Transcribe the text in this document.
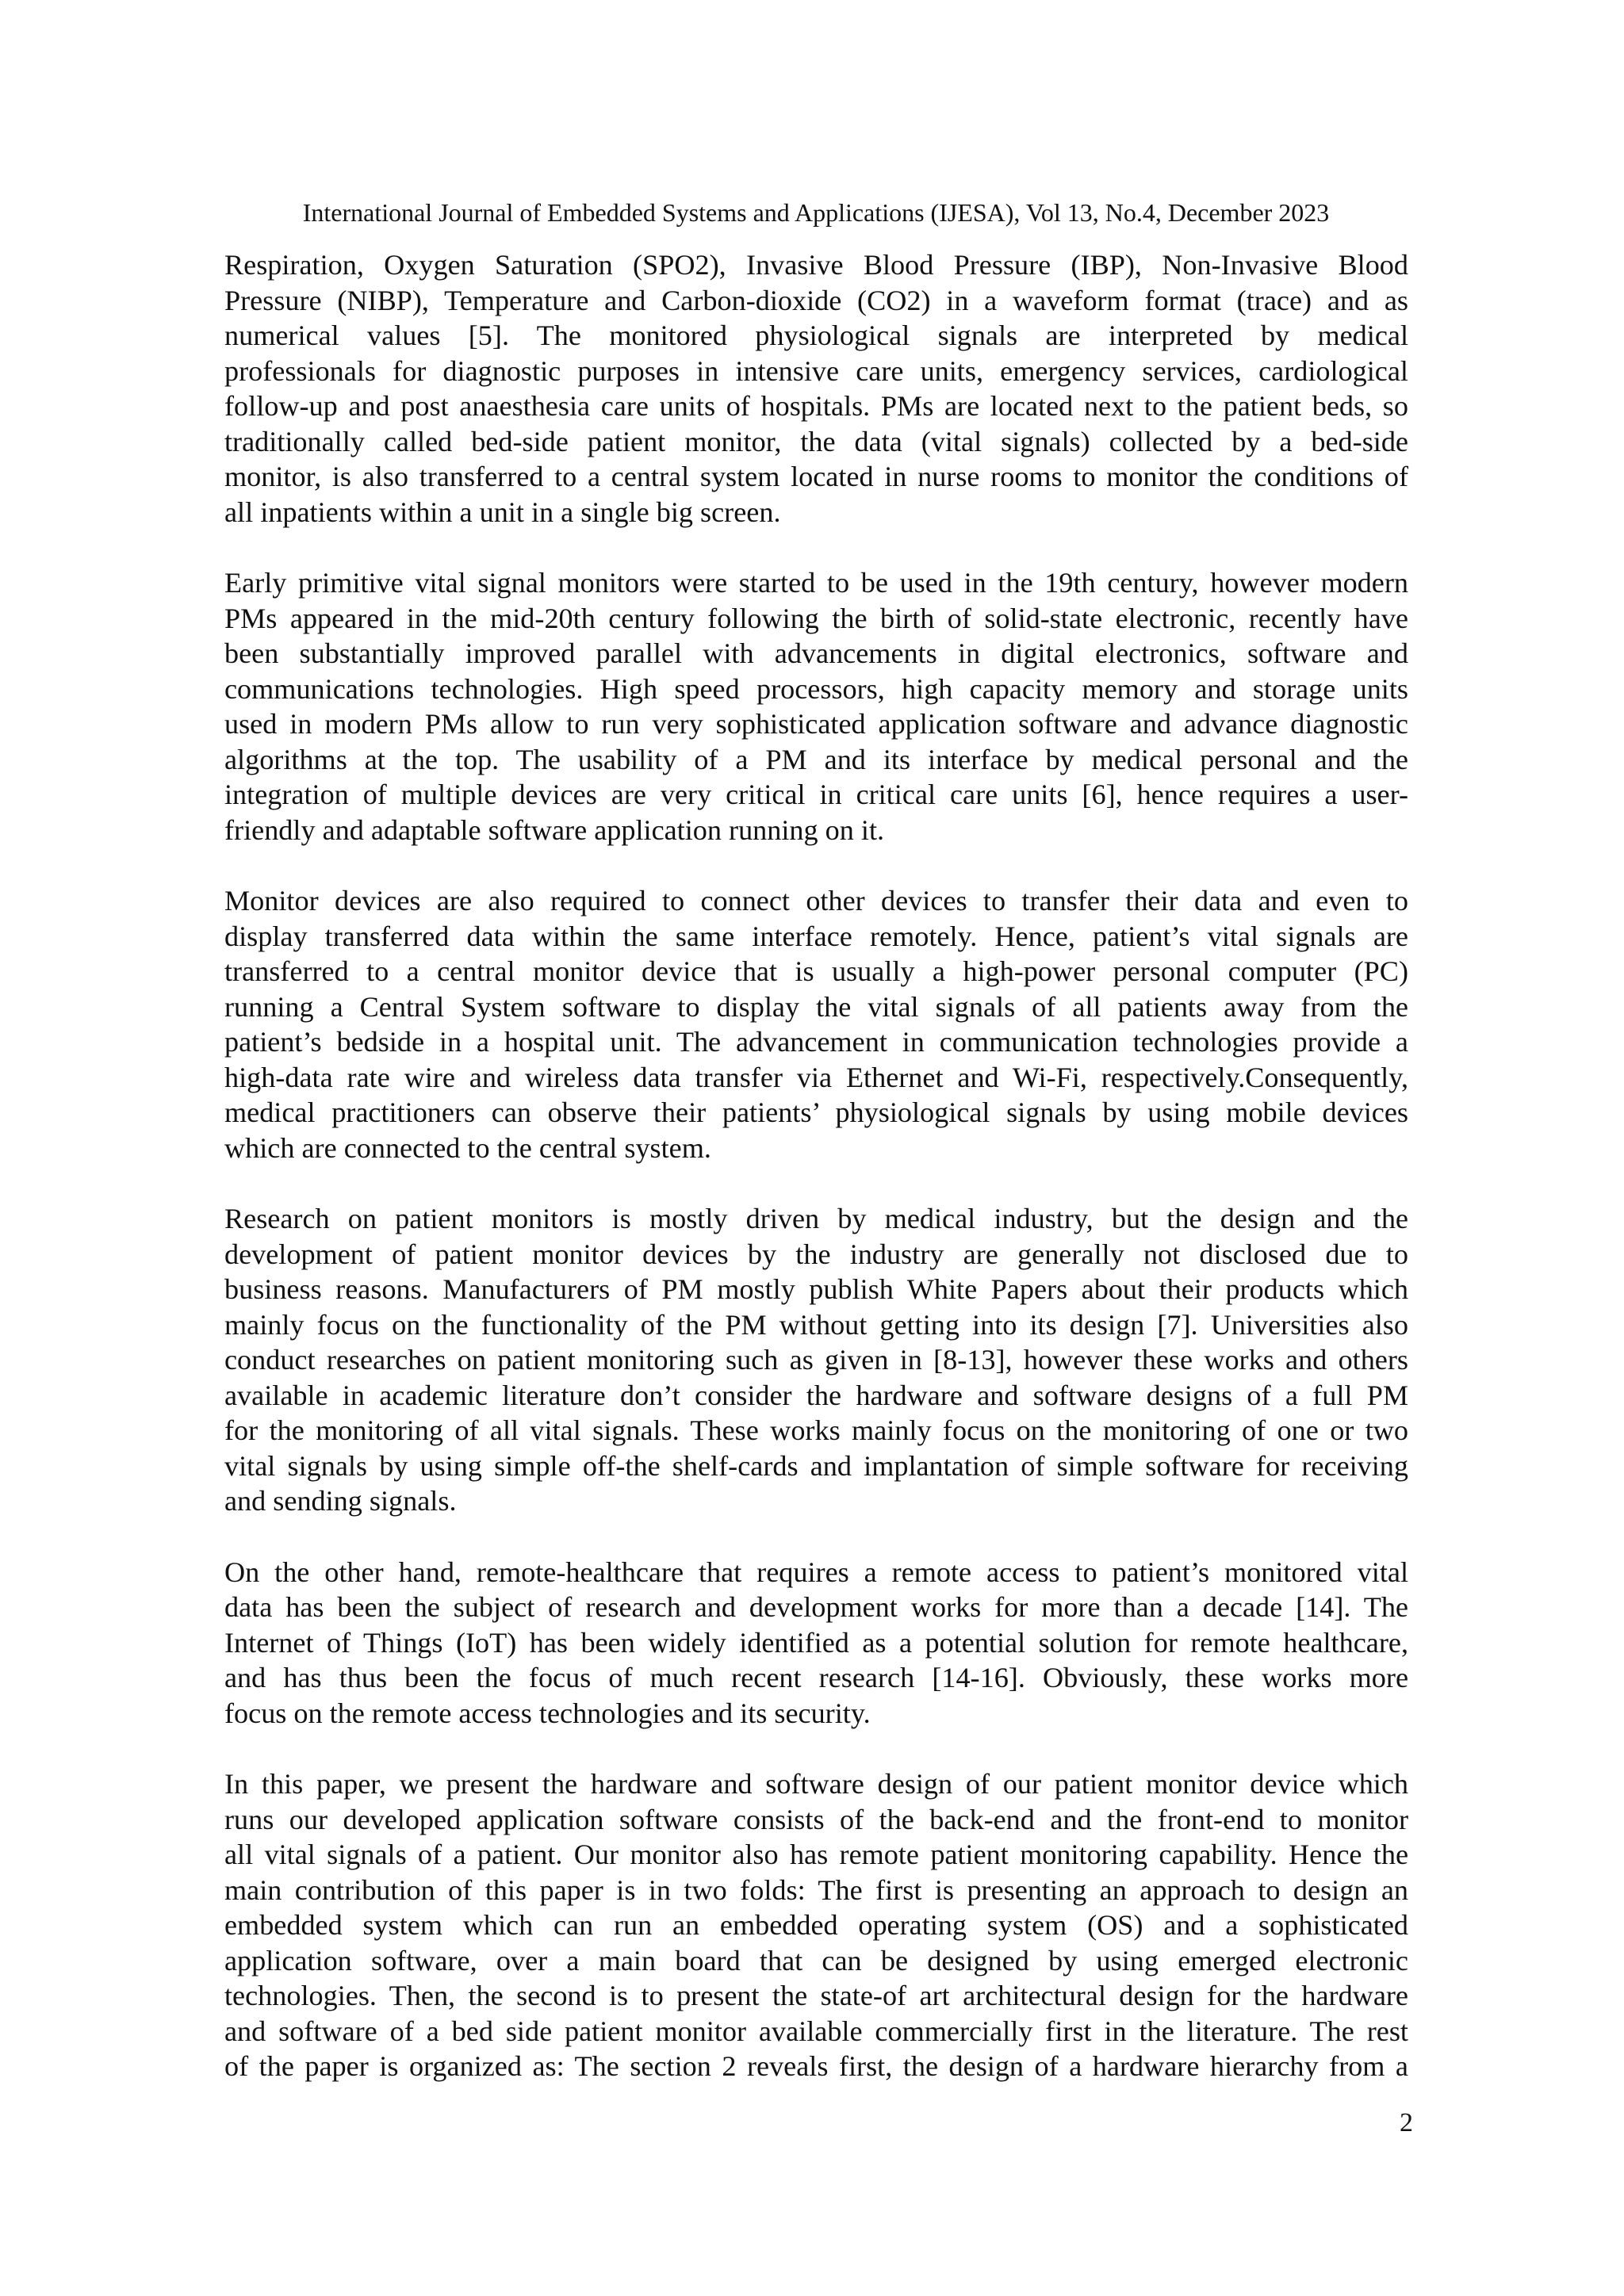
International Journal of Embedded Systems and Applications (IJESA), Vol 13, No.4, December 2023

Respiration, Oxygen Saturation (SPO2), Invasive Blood Pressure (IBP), Non-Invasive Blood
Pressure (NIBP), Temperature and Carbon-dioxide (CO2) in a waveform format (trace) and as
numerical values [5]. The monitored physiological signals are interpreted by medical
professionals for diagnostic purposes in intensive care units, emergency services, cardiological
follow-up and post anaesthesia care units of hospitals. PMs are located next to the patient beds, so
traditionally called bed-side patient monitor, the data (vital signals) collected by a bed-side
monitor, is also transferred to a central system located in nurse rooms to monitor the conditions of
all inpatients within a unit in a single big screen.

Early primitive vital signal monitors were started to be used in the 19th century, however modern
PMs appeared in the mid-20th century following the birth of solid-state electronic, recently have
been substantially improved parallel with advancements in digital electronics, software and
communications technologies. High speed processors, high capacity memory and storage units
used in modern PMs allow to run very sophisticated application software and advance diagnostic
algorithms at the top. The usability of a PM and its interface by medical personal and the
integration of multiple devices are very critical in critical care units [6], hence requires a user-
friendly and adaptable software application running on it.

Monitor devices are also required to connect other devices to transfer their data and even to
display transferred data within the same interface remotely. Hence, patient’s vital signals are
transferred to a central monitor device that is usually a high-power personal computer (PC)
running a Central System software to display the vital signals of all patients away from the
patient’s bedside in a hospital unit. The advancement in communication technologies provide a
high-data rate wire and wireless data transfer via Ethernet and Wi-Fi, respectively.Consequently,
medical practitioners can observe their patients’ physiological signals by using mobile devices
which are connected to the central system.

Research on patient monitors is mostly driven by medical industry, but the design and the
development of patient monitor devices by the industry are generally not disclosed due to
business reasons. Manufacturers of PM mostly publish White Papers about their products which
mainly focus on the functionality of the PM without getting into its design [7]. Universities also
conduct researches on patient monitoring such as given in [8-13], however these works and others
available in academic literature don’t consider the hardware and software designs of a full PM
for the monitoring of all vital signals. These works mainly focus on the monitoring of one or two
vital signals by using simple off-the shelf-cards and implantation of simple software for receiving
and sending signals.

On the other hand, remote-healthcare that requires a remote access to patient’s monitored vital
data has been the subject of research and development works for more than a decade [14]. The
Internet of Things (IoT) has been widely identified as a potential solution for remote healthcare,
and has thus been the focus of much recent research [14-16]. Obviously, these works more
focus on the remote access technologies and its security.

In this paper, we present the hardware and software design of our patient monitor device which
runs our developed application software consists of the back-end and the front-end to monitor
all vital signals of a patient. Our monitor also has remote patient monitoring capability. Hence the
main contribution of this paper is in two folds: The first is presenting an approach to design an
embedded system which can run an embedded operating system (OS) and a sophisticated
application software, over a main board that can be designed by using emerged electronic
technologies. Then, the second is to present the state-of art architectural design for the hardware
and software of a bed side patient monitor available commercially first in the literature. The rest
of the paper is organized as: The section 2 reveals first, the design of a hardware hierarchy from a

2
